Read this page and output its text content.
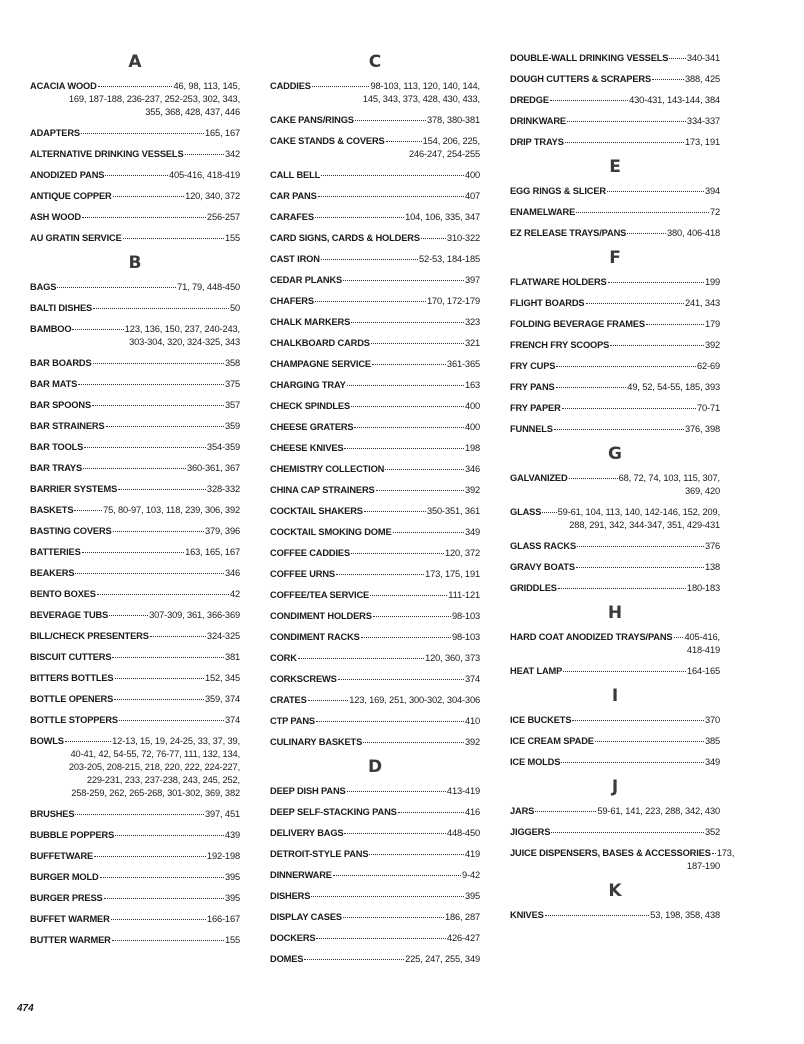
A
ACACIA WOOD	46, 98, 113, 145,
169, 187-188, 236-237, 252-253, 302, 343,
355, 368, 428, 437, 446
ADAPTERS	165, 167
ALTERNATIVE DRINKING VESSELS	342
ANODIZED PANS	405-416, 418-419
ANTIQUE COPPER	120, 340, 372
ASH WOOD	256-257
AU GRATIN SERVICE	155
B
BAGS	71, 79, 448-450
BALTI DISHES	50
BAMBOO	123, 136, 150, 237, 240-243,
303-304, 320, 324-325, 343
BAR BOARDS	358
BAR MATS	375
BAR SPOONS	357
BAR STRAINERS	359
BAR TOOLS	354-359
BAR TRAYS	360-361, 367
BARRIER SYSTEMS	328-332
BASKETS	75, 80-97, 103, 118, 239, 306, 392
BASTING COVERS	379, 396
BATTERIES	163, 165, 167
BEAKERS	346
BENTO BOXES	42
BEVERAGE TUBS	307-309, 361, 366-369
BILL/CHECK PRESENTERS	324-325
BISCUIT CUTTERS	381
BITTERS BOTTLES	152, 345
BOTTLE OPENERS	359, 374
BOTTLE STOPPERS	374
BOWLS	12-13, 15, 19, 24-25, 33, 37, 39,
40-41, 42, 54-55, 72, 76-77, 111, 132, 134,
203-205, 208-215, 218, 220, 222, 224-227,
229-231, 233, 237-238, 243, 245, 252,
258-259, 262, 265-268, 301-302, 369, 382
BRUSHES	397, 451
BUBBLE POPPERS	439
BUFFETWARE	192-198
BURGER MOLD	395
BURGER PRESS	395
BUFFET WARMER	166-167
BUTTER WARMER	155
C
CADDIES	98-103, 113, 120, 140, 144,
145, 343, 373, 428, 430, 433,
CAKE PANS/RINGS	378, 380-381
CAKE STANDS & COVERS	154, 206, 225,
246-247, 254-255
CALL BELL	400
CAR PANS	407
CARAFES	104, 106, 335, 347
CARD SIGNS, CARDS & HOLDERS	310-322
CAST IRON	52-53, 184-185
CEDAR PLANKS	397
CHAFERS	170, 172-179
CHALK MARKERS	323
CHALKBOARD CARDS	321
CHAMPAGNE SERVICE	361-365
CHARGING TRAY	163
CHECK SPINDLES	400
CHEESE GRATERS	400
CHEESE KNIVES	198
CHEMISTRY COLLECTION	346
CHINA CAP STRAINERS	392
COCKTAIL SHAKERS	350-351, 361
COCKTAIL SMOKING DOME	349
COFFEE CADDIES	120, 372
COFFEE URNS	173, 175, 191
COFFEE/TEA SERVICE	111-121
CONDIMENT HOLDERS	98-103
CONDIMENT RACKS	98-103
CORK	120, 360, 373
CORKSCREWS	374
CRATES	123, 169, 251, 300-302, 304-306
CTP PANS	410
CULINARY BASKETS	392
D
DEEP DISH PANS	413-419
DEEP SELF-STACKING PANS	416
DELIVERY BAGS	448-450
DETROIT-STYLE PANS	419
DINNERWARE	9-42
DISHERS	395
DISPLAY CASES	186, 287
DOCKERS	426-427
DOMES	225, 247, 255, 349
DOUBLE-WALL DRINKING VESSELS 340-341
DOUGH CUTTERS & SCRAPERS	388, 425
DREDGE	430-431, 143-144, 384
DRINKWARE	334-337
DRIP TRAYS	173, 191
E
EGG RINGS & SLICER	394
ENAMELWARE	72
EZ RELEASE TRAYS/PANS	380, 406-418
F
FLATWARE HOLDERS	199
FLIGHT BOARDS	241, 343
FOLDING BEVERAGE FRAMES	179
FRENCH FRY SCOOPS	392
FRY CUPS	62-69
FRY PANS	49, 52, 54-55, 185, 393
FRY PAPER	70-71
FUNNELS	376, 398
G
GALVANIZED	68, 72, 74, 103, 115, 307,
369, 420
GLASS 59-61, 104, 113, 140, 142-146, 152, 209,
288, 291, 342, 344-347, 351, 429-431
GLASS RACKS	376
GRAVY BOATS	138
GRIDDLES	180-183
H
HARD COAT ANODIZED TRAYS/PANS 405-416,
418-419
HEAT LAMP	164-165
I
ICE BUCKETS	370
ICE CREAM SPADE	385
ICE MOLDS	349
J
JARS	59-61, 141, 223, 288, 342, 430
JIGGERS	352
JUICE DISPENSERS, BASES & ACCESSORIES 173,
187-190
K
KNIVES	53, 198, 358, 438
474
